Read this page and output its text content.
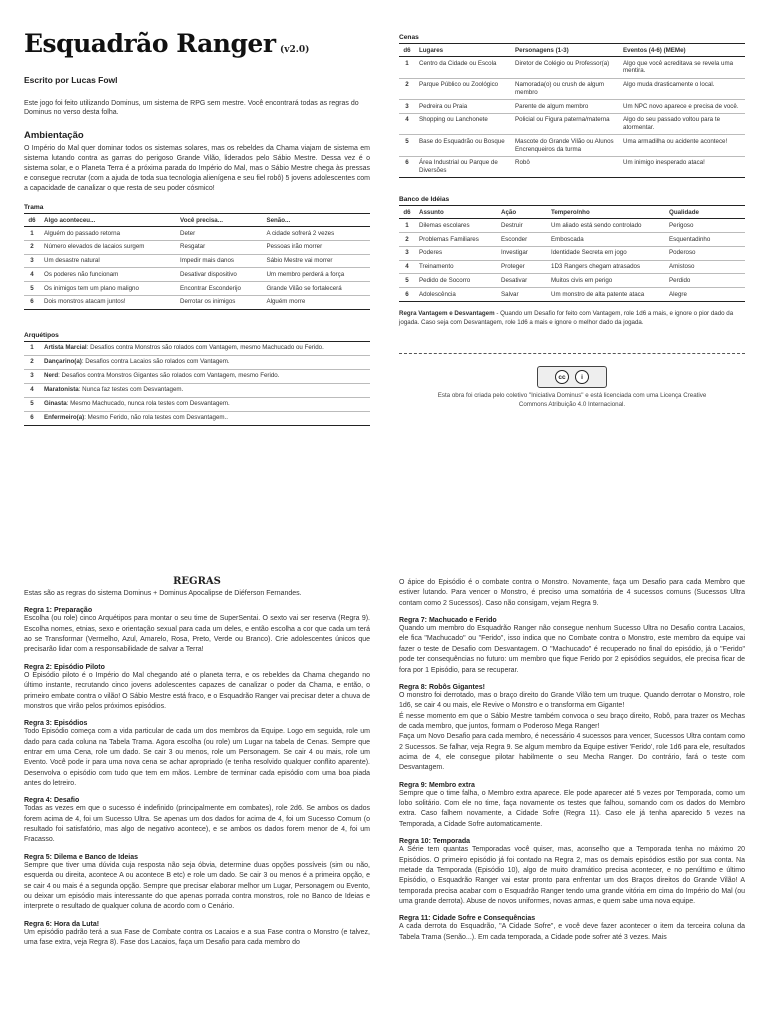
Esquadrão Ranger (v2.0)
Escrito por Lucas Fowl
Este jogo foi feito utilizando Dominus, um sistema de RPG sem mestre. Você encontrará todas as regras do Dominus no verso desta folha.
Ambientação
O Império do Mal quer dominar todos os sistemas solares, mas os rebeldes da Chama viajam de sistema em sistema lutando contra as garras do perigoso Grande Vilão, liderados pelo Sábio Mestre. Dessa vez é o sistema solar, e o Planeta Terra é a próxima parada do Império do Mal, mas o Sábio Mestre chega às pressas e consegue recrutar (com a ajuda de toda sua tecnologia alienígena e seu fiel robô) 5 jovens adolescentes com a capacidade de canalizar o que resta de seu poder cósmico!
Trama
d6	Algo aconteceu...	Você precisa...	Senão...
1	Alguém do passado retorna	Deter	A cidade sofrerá 2 vezes
2	Número elevados de lacaios surgem	Resgatar	Pessoas irão morrer
3	Um desastre natural	Impedir mais danos	Sábio Mestre vai morrer
4	Os poderes não funcionam	Desativar dispositivo	Um membro perderá a força
5	Os inimigos tem um plano maligno	Encontrar Esconderijo	Grande Vilão se fortalecerá
6	Dois monstros atacam juntos!	Derrotar os inimigos	Alguém morre
Arquétipos
1	Artista Marcial: Desafios contra Monstros são rolados com Vantagem, mesmo Machucado ou Ferido.
2	Dançarino(a): Desafios contra Lacaios são rolados com Vantagem.
3	Nerd: Desafios contra Monstros Gigantes são rolados com Vantagem, mesmo Ferido.
4	Maratonista: Nunca faz testes com Desvantagem.
5	Ginasta: Mesmo Machucado, nunca rola testes com Desvantagem.
6	Enfermeiro(a): Mesmo Ferido, não rola testes com Desvantagem..
Cenas
d6	Lugares	Personagens (1-3)	Eventos (4-6) (MEMe)
1	Centro da Cidade ou Escola	Diretor de Colégio ou Professor(a)	Algo que você acreditava se revela uma mentira.
2	Parque Público ou Zoológico	Namorada(o) ou crush de algum membro	Algo muda drasticamente o local.
3	Pedreira ou Praia	Parente de algum membro	Um NPC novo aparece e precisa de você.
4	Shopping ou Lanchonete	Policial ou Figura paterna/materna	Algo do seu passado voltou para te atormentar.
5	Base do Esquadrão ou Bosque	Mascote do Grande Vilão ou Alunos Encrenqueiros da turma	Uma armadilha ou acidente acontece!
6	Área Industrial ou Parque de Diversões	Robô	Um inimigo inesperado ataca!
Banco de Idéias
d6	Assunto	Ação	Tempero/nho	Qualidade
1	Dilemas escolares	Destruir	Um aliado está sendo controlado	Perigoso
2	Problemas Familiares	Esconder	Emboscada	Esquentadinho
3	Poderes	Investigar	Identidade Secreta em jogo	Poderoso
4	Treinamento	Proteger	1D3 Rangers chegam atrasados	Amistoso
5	Pedido de Socorro	Desativar	Muitos civis em perigo	Perdido
6	Adolescência	Salvar	Um monstro de alta patente ataca	Alegre
Regra Vantagem e Desvantagem - Quando um Desafio for feito com Vantagem, role 1d6 a mais, e ignore o pior dado da jogada. Caso seja com Desvantagem, role 1d6 a mais e ignore o melhor dado da jogada.
cc	i
Esta obra foi criada pelo coletivo "Iniciativa Dominus" e está licenciada com uma Licença Creative Commons Atribuição 4.0 Internacional.
REGRAS
Estas são as regras do sistema Dominus + Dominus Apocalipse de Diéferson Fernandes.
Regra 1: Preparação
Escolha (ou role) cinco Arquétipos para montar o seu time de SuperSentai. O sexto vai ser reserva (Regra 9). Escolha nomes, etnias, sexo e orientação sexual para cada um deles, e então escolha a cor que cada um terá ao se Transformar (Vermelho, Azul, Amarelo, Rosa, Preto, Verde ou Branco). Crie adolescentes únicos que precisarão lidar com a responsabilidade de salvar a Terra!
Regra 2: Episódio Piloto
O Episódio piloto é o Império do Mal chegando até o planeta terra, e os rebeldes da Chama chegando no último instante, recrutando cinco jovens adolescentes capazes de canalizar o poder da Chama, e então, o primeiro embate contra o vilão! O Sábio Mestre está fraco, e o Esquadrão Ranger vai precisar deter a chuva de monstros que virão pelos próximos episódios.
Regra 3: Episódios
Todo Episódio começa com a vida particular de cada um dos membros da Equipe. Logo em seguida, role um dado para cada coluna na Tabela Trama. Agora escolha (ou role) um Lugar na tabela de Cenas. Sempre que entrar em uma Cena, role um dado. Se cair 3 ou menos, role um Personagem. Se cair 4 ou mais, role um Evento. Você pode ir para uma nova cena se achar apropriado (e tenha resolvido qualquer conflito aparente). Desenvolva o episódio com tudo que tem em mãos. Lembre de terminar cada episódio com uma boa piada antes do letreiro.
Regra 4: Desafio
Todas as vezes em que o sucesso é indefinido (principalmente em combates), role 2d6. Se ambos os dados forem acima de 4, foi um Sucesso Ultra. Se apenas um dos dados for acima de 4, foi um Sucesso Comum (o resultado foi satisfatório, mas algo de negativo acontece), e se ambos os dados forem menor de 4, foi um Fracasso.
Regra 5: Dilema e Banco de Ideias
Sempre que tiver uma dúvida cuja resposta não seja óbvia, determine duas opções possíveis (sim ou não, esquerda ou direita, acontece A ou acontece B etc) e role um dado. Se cair 3 ou menos é a primeira opção, e se cair 4 ou mais é a segunda opção. Sempre que precisar elaborar melhor um Lugar, Personagem ou Evento, ou deixar um episódio mais interessante do que apenas porrada contra monstros, role no Banco de Ideias e interprete o resultado de qualquer coluna de acordo com o Cenário.
Regra 6: Hora da Luta!
Um episódio padrão terá a sua Fase de Combate contra os Lacaios e a sua Fase contra o Monstro (e talvez, uma fase extra, veja Regra 8). Fase dos Lacaios, faça um Desafio para cada membro do
O ápice do Episódio é o combate contra o Monstro. Novamente, faça um Desafio para cada Membro que estiver lutando. Para vencer o Monstro, é preciso uma somatória de 4 sucessos comuns (Sucessos Ultra contam como 2 Sucessos). Caso não consigam, vejam Regra 9.
Regra 7: Machucado e Ferido
Quando um membro do Esquadrão Ranger não consegue nenhum Sucesso Ultra no Desafio contra Lacaios, ele fica "Machucado" ou "Ferido", isso indica que no Combate contra o Monstro, este membro da equipe vai fazer o teste de Desafio com Desvantagem. O "Machucado" é recuperado no final do episódio, já o "Ferido" pode ter consequências no futuro: um membro que fique Ferido por 2 episódios seguidos, ele precisa ficar de fora por 1 Episódio, para se recuperar.
Regra 8: Robôs Gigantes!
O monstro foi derrotado, mas o braço direito do Grande Vilão tem um truque. Quando derrotar o Monstro, role 1d6, se cair 4 ou mais, ele Revive o Monstro e o transforma em Gigante!
É nesse momento em que o Sábio Mestre também convoca o seu braço direito, Robô, para trazer os Mechas de cada membro, que juntos, formam o Poderoso Mega Ranger!
Faça um Novo Desafio para cada membro, é necessário 4 sucessos para vencer, Sucessos Ultra contam como 2 Sucessos. Se falhar, veja Regra 9. Se algum membro da Equipe estiver 'Ferido', role 1d6 para ele, resultados acima de 4, ele consegue pilotar habilmente o seu Mecha Ranger. Do contrário, fará o teste com Desvantagem.
Regra 9: Membro extra
Sempre que o time falha, o Membro extra aparece. Ele pode aparecer até 5 vezes por Temporada, como um lobo solitário. Com ele no time, faça novamente os testes que falhou, somando com os dados do Membro extra. Caso falhem novamente, a Cidade Sofre (Regra 11). Caso ele já tenha aparecido 5 vezes na Temporada, a Cidade Sofre automaticamente.
Regra 10: Temporada
A Série tem quantas Temporadas você quiser, mas, aconselho que a Temporada tenha no máximo 20 Episódios. O primeiro episódio já foi contado na Regra 2, mas os demais episódios estão por sua conta. Na metade da Temporada (Episódio 10), algo de muito dramático precisa acontecer, e no penúltimo e último Episódio, o Esquadrão Ranger vai estar pronto para enfrentar um dos Braços direitos do Grande Vilão! A temporada precisa acabar com o Esquadrão Ranger tendo uma grande vitória em cima do Império do Mal (ou uma grande derrota). Abuse de novos uniformes, novas armas, e quem sabe uma nova equipe.
Regra 11: Cidade Sofre e Consequências
A cada derrota do Esquadrão, "A Cidade Sofre", e você deve fazer acontecer o item da terceira coluna da Tabela Trama (Senão...). Em cada temporada, a Cidade pode sofrer até 3 vezes. Mais
